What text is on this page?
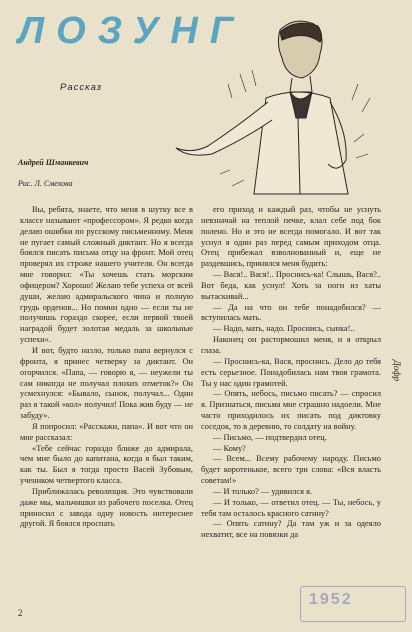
ЛОЗУНГ
Рассказ
Андрей Шманкевич
Рис. Л. Смехова

Вы, ребята, знаете, что меня в шутку все в классе называют «профессором». Я редко когда делаю ошибки по русскому письменному. Меня не пугает самый сложный диктант. Но я всегда боялся писать письма отцу на фронт. Мой отец проверял их строже нашего учителя. Он всегда мне говорил: «Ты хочешь стать морским офицером? Хорошо! Желаю тебе успеха от всей души, желаю адмиральского чина и полную грудь орденов... Но помни одно — если ты не получишь гораздо скорее, если первой твоей наградой будет золотая медаль за школьные успехи».

И вот, будто назло, только папа вернулся с фронта, я принес четверку за диктант. Он огорчился. «Папа, — говорю я, — неужели ты сам никогда не получал плохих отметок?» Он усмехнулся: «Бывало, сынок, получал... Один раз я такой «кол» получил! Пока жив буду — не забуду».

Я попросил: «Расскажи, папа». И вот что он мне рассказал:

«Тебе сейчас гораздо ближе до адмирала, чем мне было до капитана, когда я был таким, как ты. Был я тогда просто Васей Зубовым, учеником четвертого класса.

Приближалась революция. Это чувствовали даже мы, мальчишки из рабочего поселка. Отец приносил с завода одну новость интереснее другой. Я боялся проспать

его приход и каждый раз, чтобы не уснуть невзначай на теплой печке, клал себе под бок полено. Но и это не всегда помогало. И вот так уснул я один раз перед самым приходом отца. Отец прибежал взволнованный и, еще не раздевшись, принялся меня будить:

— Вася!.. Вася!.. Проснись-ка! Слышь, Вася?.. Вот беда, как уснул! Хоть за ноги из хаты вытаскивай...

— Да на что он тебе понадобился? — вступилась мать.

— Надо, мать, надо. Проснись, сынка!..

Наконец он растормошил меня, и я открыл глаза.

— Проснись-ка, Вася, проснись. Дело до тебя есть серьезное. Понадобилась нам твоя грамота. Ты у нас один грамотей.

— Опять, небось, письмо писать? — спросил я. Признаться, письма мне страшно надоели. Мне часто приходилось их писать под диктовку соседок, то в деревню, то солдату на войну.

— Письмо, — подтвердил отец.

— Кому?

— Всем... Всему рабочему народу. Письмо будет коротенькое, всего три слова: «Вся власть советам!»

— И только? — удивился я.

— И только, — ответил отец. — Ты, небось, у тебя там осталось красного сатину?

— Опять сатину? Да там уж и за одеяло нехватит, все на повязки да

Дофр
2
1952
